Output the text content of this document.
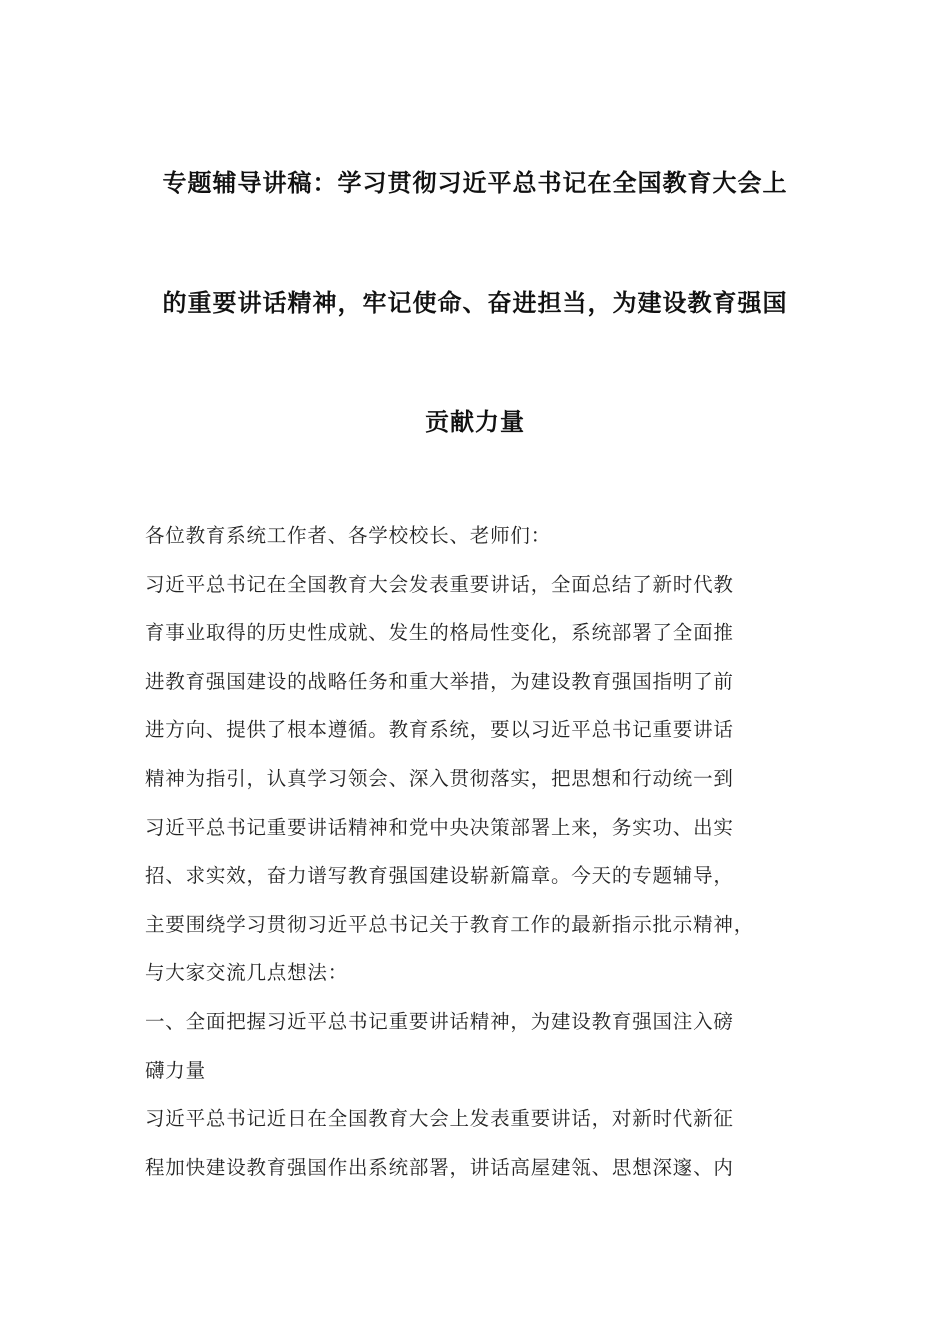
专题辅导讲稿：学习贯彻习近平总书记在全国教育大会上
的重要讲话精神，牢记使命、奋进担当，为建设教育强国
贡献力量
各位教育系统工作者、各学校校长、老师们：
习近平总书记在全国教育大会发表重要讲话，全面总结了新时代教
育事业取得的历史性成就、发生的格局性变化，系统部署了全面推
进教育强国建设的战略任务和重大举措，为建设教育强国指明了前
进方向、提供了根本遵循。教育系统，要以习近平总书记重要讲话
精神为指引，认真学习领会、深入贯彻落实，把思想和行动统一到
习近平总书记重要讲话精神和党中央决策部署上来，务实功、出实
招、求实效，奋力谱写教育强国建设崭新篇章。今天的专题辅导，
主要围绕学习贯彻习近平总书记关于教育工作的最新指示批示精神，
与大家交流几点想法：
一、全面把握习近平总书记重要讲话精神，为建设教育强国注入磅
礴力量
习近平总书记近日在全国教育大会上发表重要讲话，对新时代新征
程加快建设教育强国作出系统部署，讲话高屋建瓴、思想深邃、内
